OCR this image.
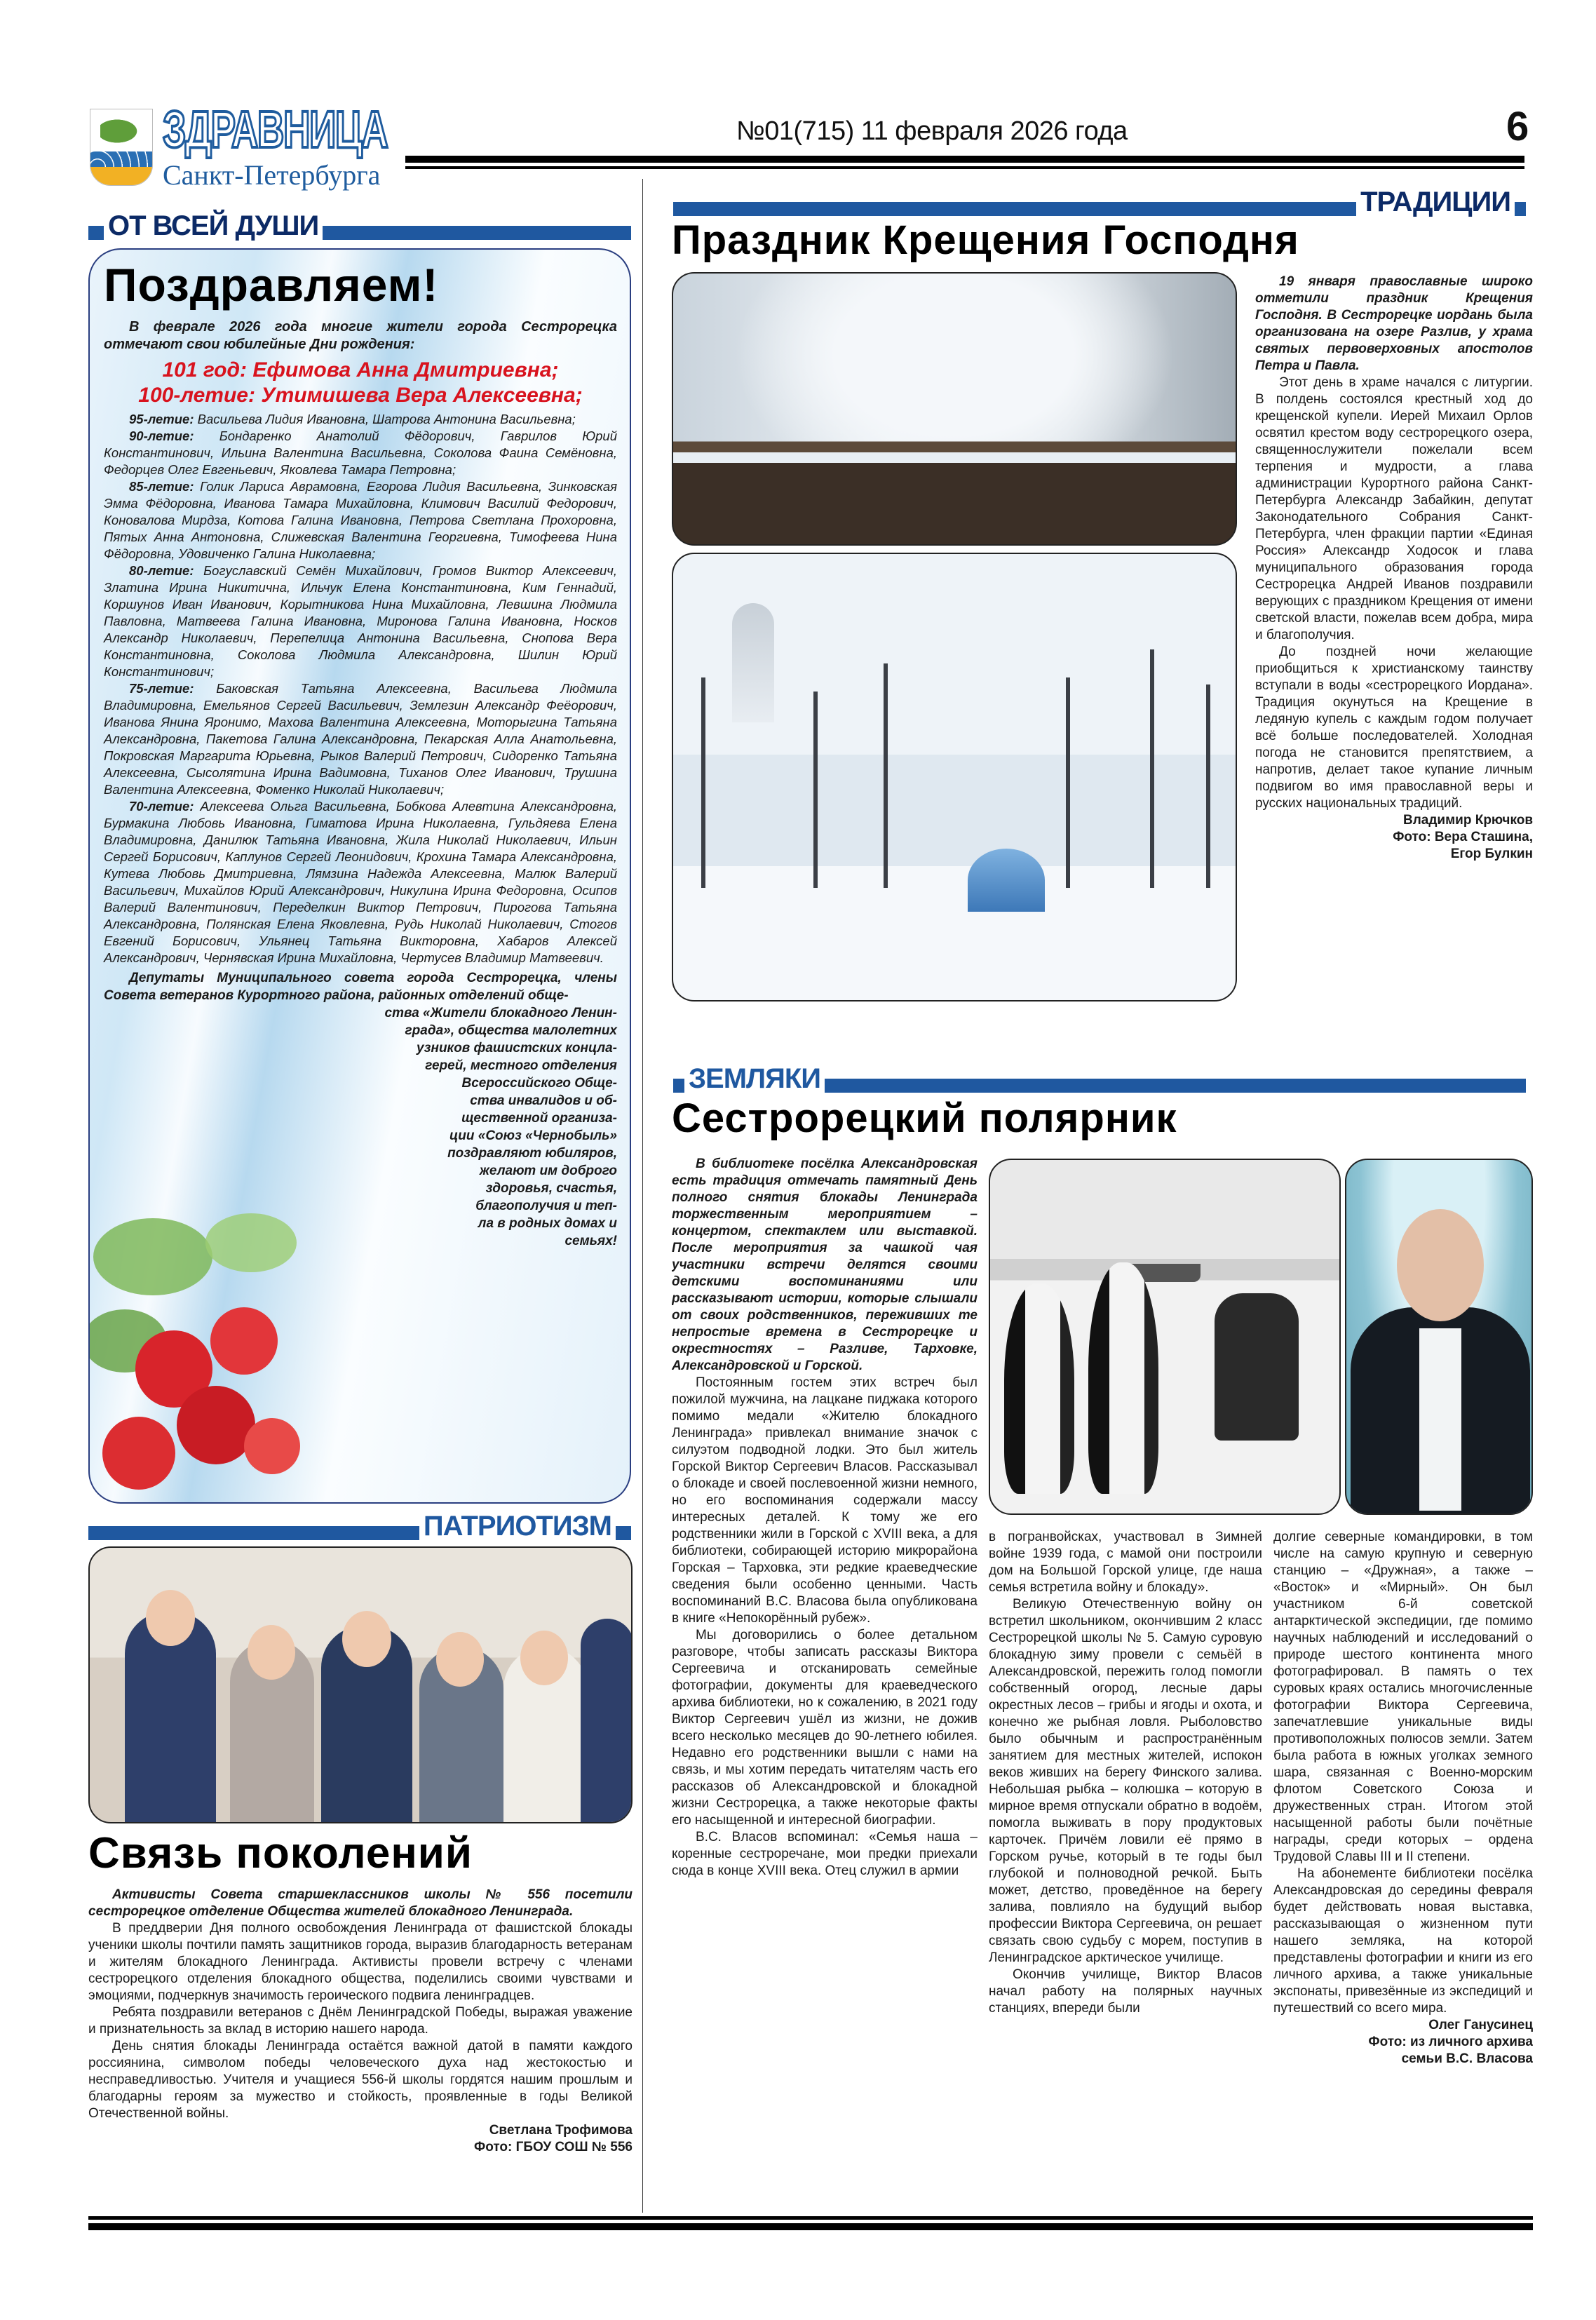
ЗДРАВНИЦА
Санкт-Петербурга
№01(715) 11 февраля 2026 года	6
ОТ ВСЕЙ ДУШИ
Поздравляем!
В феврале 2026 года многие жители города Сестрорецка отмечают свои юбилейные Дни рождения:
101 год: Ефимова Анна Дмитриевна;
100-летие: Утимишева Вера Алексеевна;

95-летие: Васильева Лидия Ивановна, Шатрова Антонина Васильевна;

90-летие: Бондаренко Анатолий Фёдорович, Гаврилов Юрий Константинович, Ильина Валентина Васильевна, Соколова Фаина Семёновна, Федорцев Олег Евгеньевич, Яковлева Тамара Петровна;

85-летие: Голик Лариса Аврамовна, Егорова Лидия Васильевна, Зинковская Эмма Фёдоровна, Иванова Тамара Михайловна, Климович Василий Федорович, Коновалова Мирдза, Котова Галина Ивановна, Петрова Светлана Прохоровна, Пятых Анна Антоновна, Слижевская Валентина Георгиевна, Тимофеева Нина Фёдоровна, Удовиченко Галина Николаевна;

80-летие: Богуславский Семён Михайлович, Громов Виктор Алексеевич, Златина Ирина Никитична, Ильчук Елена Константиновна, Ким Геннадий, Коршунов Иван Иванович, Корытникова Нина Михайловна, Левшина Людмила Павловна, Матвеева Галина Ивановна, Миронова Галина Ивановна, Носков Александр Николаевич, Перепелица Антонина Васильевна, Снопова Вера Константиновна, Соколова Людмила Александровна, Шилин Юрий Константинович;

75-летие: Баковская Татьяна Алексеевна, Васильева Людмила Владимировна, Емельянов Сергей Васильевич, Землезин Александр Феёорович, Иванова Янина Яронимо, Махова Валентина Алексеевна, Моторыгина Татьяна Александровна, Пакетова Галина Александровна, Пекарская Алла Анатольевна, Покровская Маргарита Юрьевна, Рыков Валерий Петрович, Сидоренко Татьяна Алексеевна, Сысолятина Ирина Вадимовна, Тиханов Олег Иванович, Трушина Валентина Алексеевна, Фоменко Николай Николаевич;

70-летие: Алексеева Ольга Васильевна, Бобкова Алевтина Александровна, Бурмакина Любовь Ивановна, Гиматова Ирина Николаевна, Гульдяева Елена Владимировна, Данилюк Татьяна Ивановна, Жила Николай Николаевич, Ильин Сергей Борисович, Каплунов Сергей Леонидович, Крохина Тамара Александровна, Кутева Любовь Дмитриевна, Лямзина Надежда Алексеевна, Малюк Валерий Васильевич, Михайлов Юрий Александрович, Никулина Ирина Федоровна, Осипов Валерий Валентинович, Переделкин Виктор Петрович, Пирогова Татьяна Александровна, Полянская Елена Яковлевна, Рудь Николай Николаевич, Стогов Евгений Борисович, Ульянец Татьяна Викторовна, Хабаров Алексей Александрович, Чернявская Ирина Михайловна, Чертусев Владимир Матвеевич.

Депутаты Муниципального совета города Сестрорецка, члены Совета ветеранов Курортного района, районных отделений обще-

ства «Жители блокадного Ленин-
града», общества малолетних
узников фашистских концла-
герей, местного отделения
Всероссийского Обще-
ства инвалидов и об-
щественной организа-
ции «Союз «Чернобыль»
поздравляют юбиляров,
желают им доброго
здоровья, счастья,
благополучия и теп-
ла в родных домах и
семьях!
ПАТРИОТИЗМ
Связь поколений

Активисты Совета старшеклассников школы № 556 посетили сестрорецкое отделение Общества жителей блокадного Ленинграда.

В преддверии Дня полного освобождения Ленинграда от фашистской блокады ученики школы почтили память защитников города, выразив благодарность ветеранам и жителям блокадного Ленинграда. Активисты провели встречу с членами сестрорецкого отделения блокадного общества, поделились своими чувствами и эмоциями, подчеркнув значимость героического подвига ленинградцев.

Ребята поздравили ветеранов с Днём Ленинградской Победы, выражая уважение и признательность за вклад в историю нашего народа.

День снятия блокады Ленинграда остаётся важной датой в памяти каждого россиянина, символом победы человеческого духа над жестокостью и несправедливостью. Учителя и учащиеся 556-й школы гордятся нашим прошлым и благодарны героям за мужество и стойкость, проявленные в годы Великой Отечественной войны.

Светлана Трофимова

Фото: ГБОУ СОШ № 556

ТРАДИЦИИ
Праздник Крещения Господня

19 января православные широко отметили праздник Крещения Господня. В Сестрорецке иордань была организована на озере Разлив, у храма святых первоверховных апостолов Петра и Павла.

Этот день в храме начался с литургии. В полдень состоялся крестный ход до крещенской купели. Иерей Михаил Орлов освятил крестом воду сестрорецкого озера, священнослужители пожелали всем терпения и мудрости, а глава администрации Курортного района Санкт-Петербурга Александр Забайкин, депутат Законодательного Собрания Санкт-Петербурга, член фракции партии «Единая Россия» Александр Ходосок и глава муниципального образования города Сестрорецка Андрей Иванов поздравили верующих с праздником Крещения от имени светской власти, пожелав всем добра, мира и благополучия.

До поздней ночи желающие приобщиться к христианскому таинству вступали в воды «сестрорецкого Иордана». Традиция окунуться на Крещение в ледяную купель с каждым годом получает всё больше последователей. Холодная погода не становится препятствием, а напротив, делает такое купание личным подвигом во имя православной веры и русских национальных традиций.

Владимир Крючков

Фото: Вера Сташина,

Егор Булкин

ЗЕМЛЯКИ
Сестрорецкий полярник

В библиотеке посёлка Александровская есть традиция отмечать памятный День полного снятия блокады Ленинграда торжественным мероприятием – концертом, спектаклем или выставкой. После мероприятия за чашкой чая участники встречи делятся своими детскими воспоминаниями или рассказывают истории, которые слышали от своих родственников, переживших те непростые времена в Сестрорецке и окрестностях – Разливе, Тарховке, Александровской и Горской.

Постоянным гостем этих встреч был пожилой мужчина, на лацкане пиджака которого помимо медали «Жителю блокадного Ленинграда» привлекал внимание значок с силуэтом подводной лодки. Это был житель Горской Виктор Сергеевич Власов. Рассказывал о блокаде и своей послевоенной жизни немного, но его воспоминания содержали массу интересных деталей. К тому же его родственники жили в Горской с XVIII века, а для библиотеки, собирающей историю микрорайона Горская – Тарховка, эти редкие краеведческие сведения были особенно ценными. Часть воспоминаний В.С. Власова была опубликована в книге «Непокорённый рубеж».

Мы договорились о более детальном разговоре, чтобы записать рассказы Виктора Сергеевича и отсканировать семейные фотографии, документы для краеведческого архива библиотеки, но к сожалению, в 2021 году Виктор Сергеевич ушёл из жизни, не дожив всего несколько месяцев до 90-летнего юбилея. Недавно его родственники вышли с нами на связь, и мы хотим передать читателям часть его рассказов об Александровской и блокадной жизни Сестрорецка, а также некоторые факты его насыщенной и интересной биографии.

В.С. Власов вспоминал: «Семья наша – коренные сестроречане, мои предки приехали сюда в конце XVIII века. Отец служил в армии

в погранвойсках, участвовал в Зимней войне 1939 года, с мамой они построили дом на Большой Горской улице, где наша семья встретила войну и блокаду».

Великую Отечественную войну он встретил школьником, окончившим 2 класс Сестрорецкой школы № 5. Самую суровую блокадную зиму провели с семьёй в Александровской, пережить голод помогли собственный огород, лесные дары окрестных лесов – грибы и ягоды и охота, и конечно же рыбная ловля. Рыболовство было обычным и распространённым занятием для местных жителей, испокон веков живших на берегу Финского залива. Небольшая рыбка – колюшка – которую в мирное время отпускали обратно в водоём, помогла выживать в пору продуктовых карточек. Причём ловили её прямо в Горском ручье, который в те годы был глубокой и полноводной речкой. Быть может, детство, проведённое на берегу залива, повлияло на будущий выбор профессии Виктора Сергеевича, он решает связать свою судьбу с морем, поступив в Ленинградское арктическое училище.

Окончив училище, Виктор Власов начал работу на полярных научных станциях, впереди были

долгие северные командировки, в том числе на самую крупную и северную станцию – «Дружная», а также – «Восток» и «Мирный». Он был участником 6-й советской антарктической экспедиции, где помимо научных наблюдений и исследований о природе шестого континента много фотографировал. В память о тех суровых краях остались многочисленные фотографии Виктора Сергеевича, запечатлевшие уникальные виды противоположных полюсов земли. Затем была работа в южных уголках земного шара, связанная с Военно-морским флотом Советского Союза и дружественных стран. Итогом этой насыщенной работы были почётные награды, среди которых – ордена Трудовой Славы III и II степени.

На абонементе библиотеки посёлка Александровская до середины февраля будет действовать новая выставка, рассказывающая о жизненном пути нашего земляка, на которой представлены фотографии и книги из его личного архива, а также уникальные экспонаты, привезённые из экспедиций и путешествий со всего мира.

Олег Ганусинец

Фото: из личного архива

семьи В.С. Власова
